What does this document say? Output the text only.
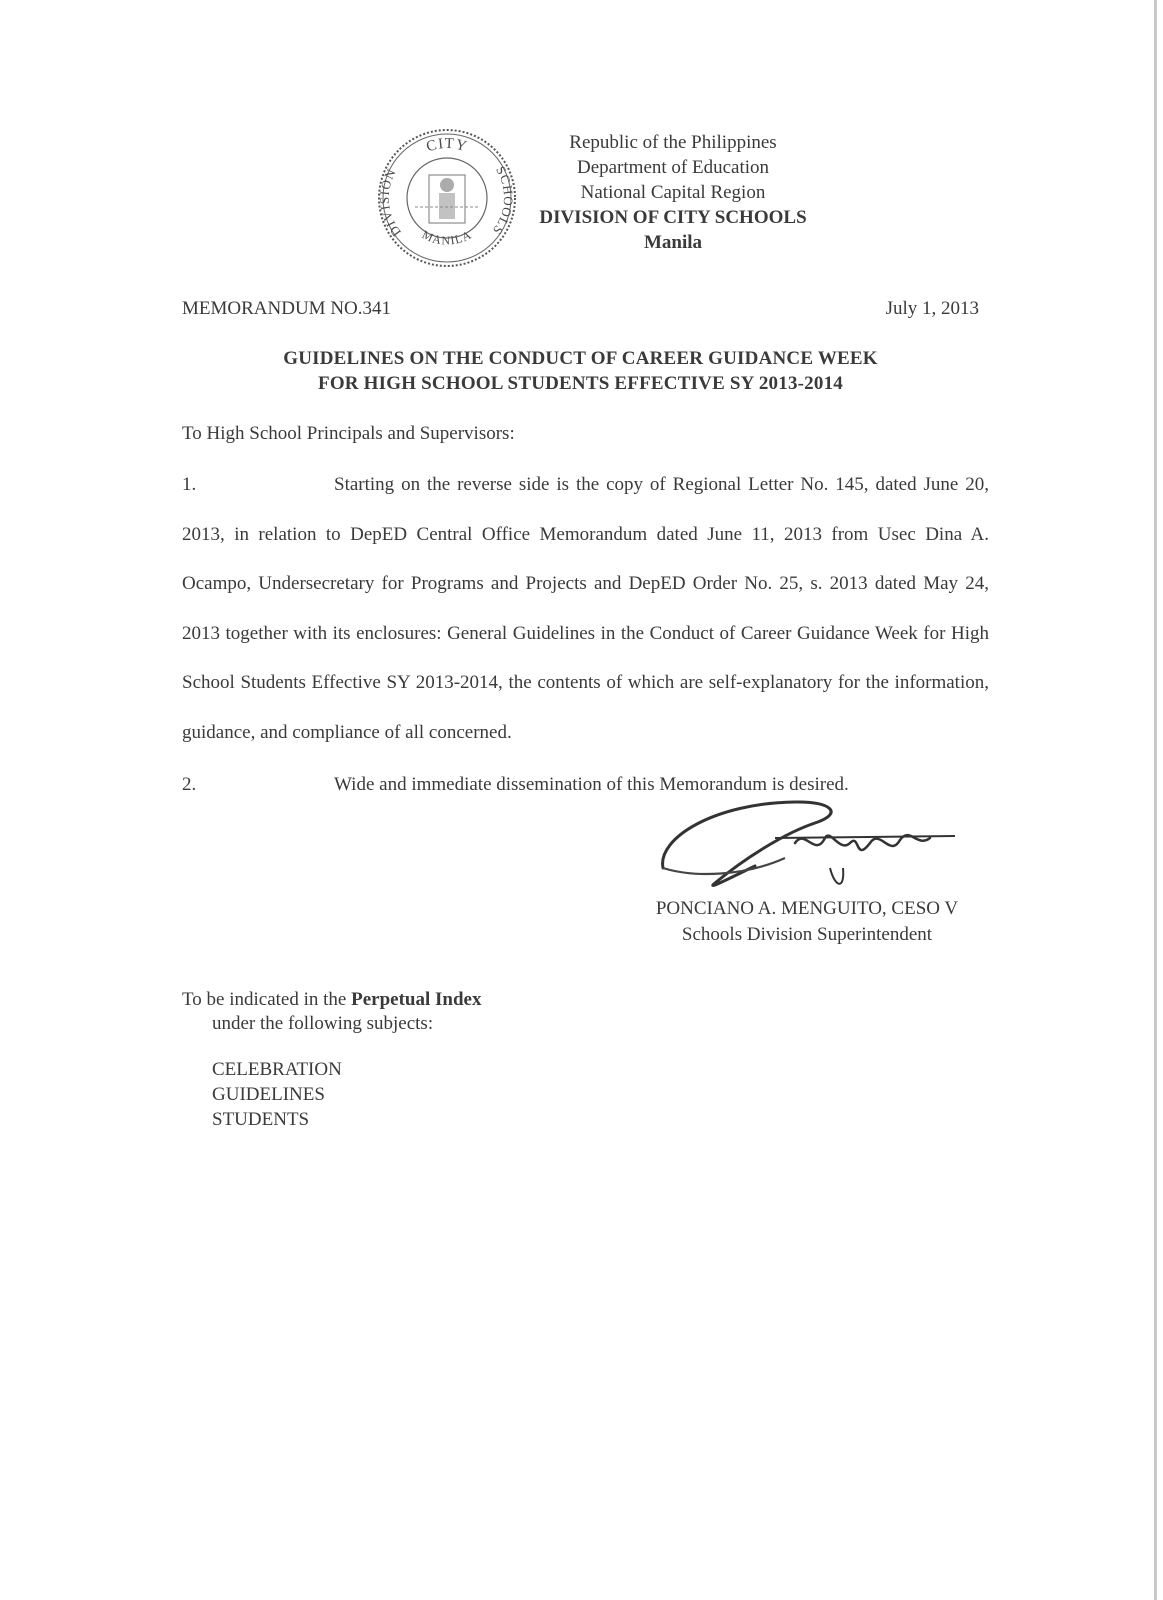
CITY
DIVISION	SCHOOLS
MANILA
Republic of the Philippines
Department of Education
National Capital Region
DIVISION OF CITY SCHOOLS
Manila
MEMORANDUM NO.341	July 1, 2013
GUIDELINES ON THE CONDUCT OF CAREER GUIDANCE WEEK
FOR HIGH SCHOOL STUDENTS EFFECTIVE SY 2013-2014
To High School Principals and Supervisors:
1.	Starting on the reverse side is the copy of Regional Letter No. 145, dated June 20, 2013, in relation to DepED Central Office Memorandum dated June 11, 2013 from Usec Dina A. Ocampo, Undersecretary for Programs and Projects and DepED Order No. 25, s. 2013 dated May 24, 2013 together with its enclosures: General Guidelines in the Conduct of Career Guidance Week for High School Students Effective SY 2013-2014, the contents of which are self-explanatory for the information, guidance, and compliance of all concerned.
2.	Wide and immediate dissemination of this Memorandum is desired.
PONCIANO A. MENGUITO, CESO V
Schools Division Superintendent
To be indicated in the Perpetual Index
under the following subjects:
CELEBRATION
GUIDELINES
STUDENTS
